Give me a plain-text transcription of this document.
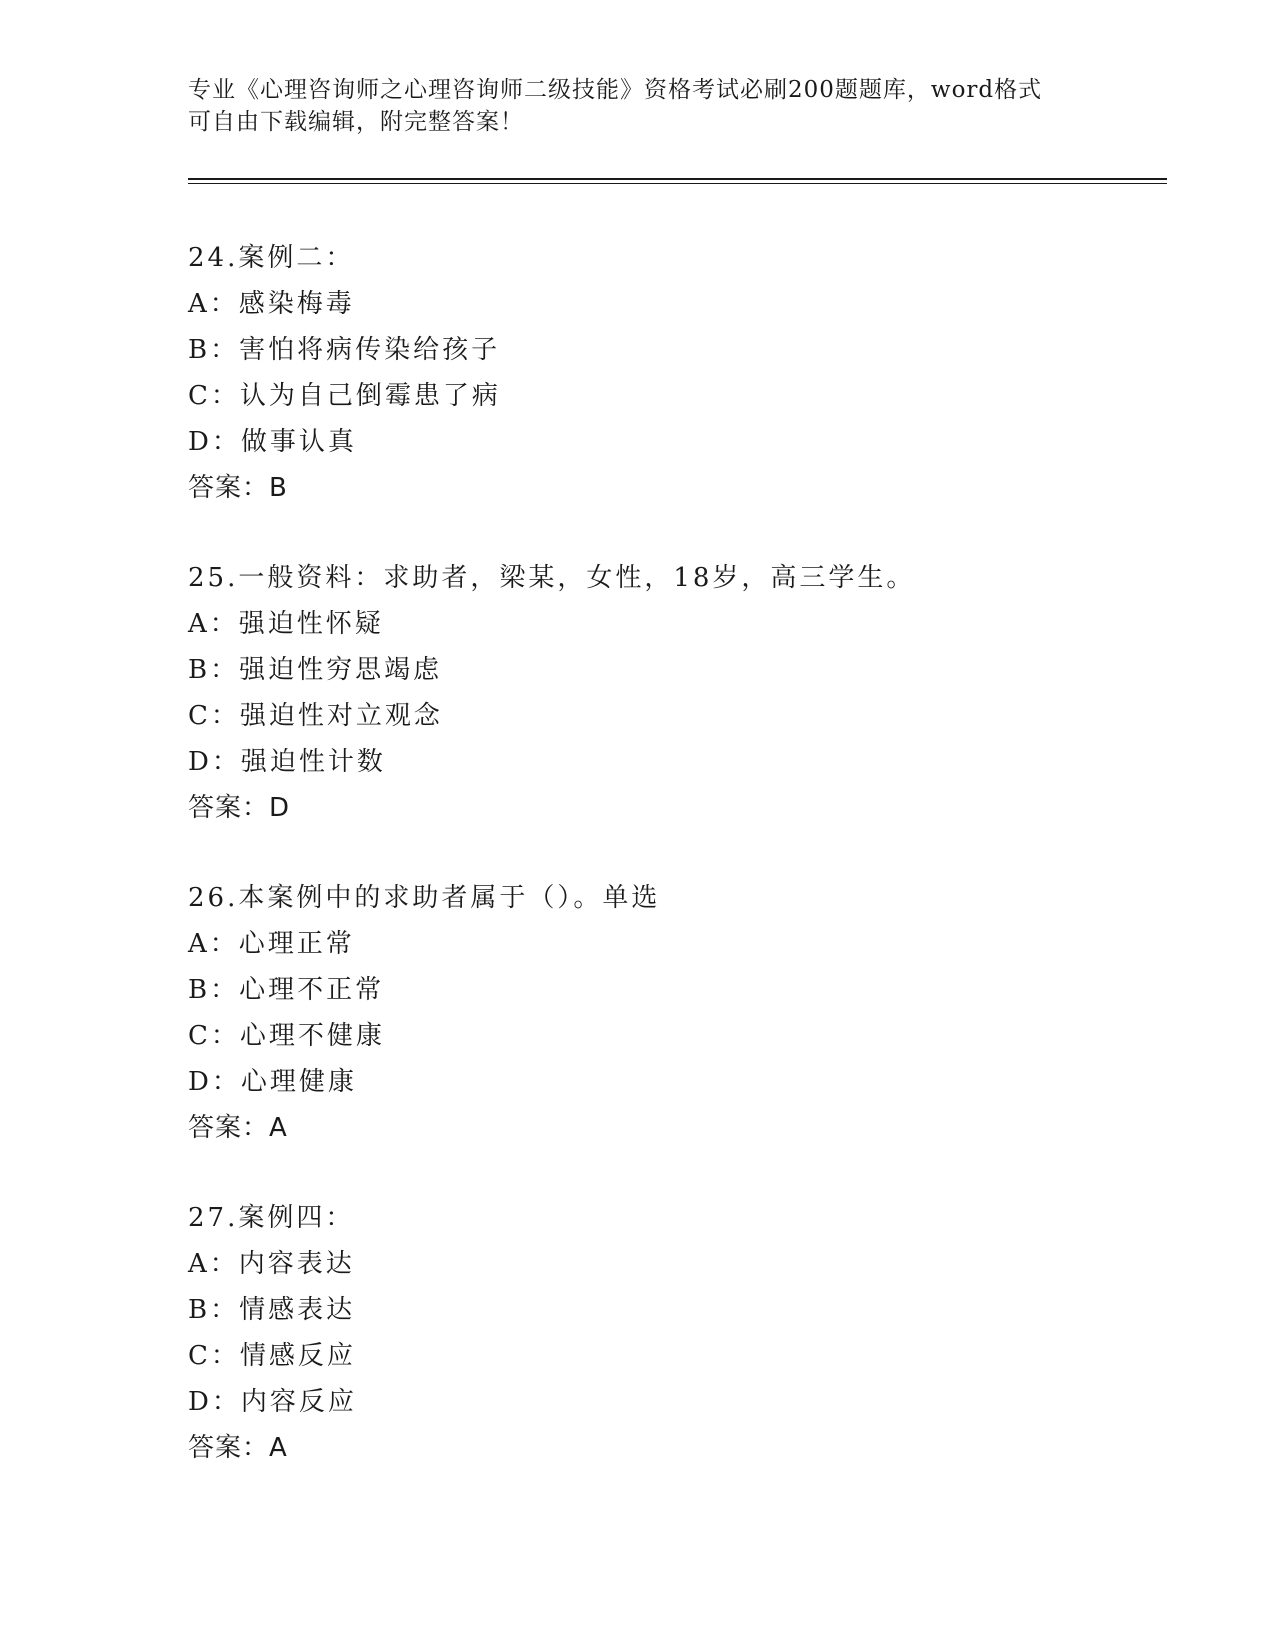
专业《心理咨询师之心理咨询师二级技能》资格考试必刷200题题库，word格式
可自由下载编辑，附完整答案！
24.案例二：
A：感染梅毒
B：害怕将病传染给孩子
C：认为自己倒霉患了病
D：做事认真
答案：B
25.一般资料：求助者，梁某，女性，18岁，高三学生。
A：强迫性怀疑
B：强迫性穷思竭虑
C：强迫性对立观念
D：强迫性计数
答案：D
26.本案例中的求助者属于（）。单选
A：心理正常
B：心理不正常
C：心理不健康
D：心理健康
答案：A
27.案例四：
A：内容表达
B：情感表达
C：情感反应
D：内容反应
答案：A
